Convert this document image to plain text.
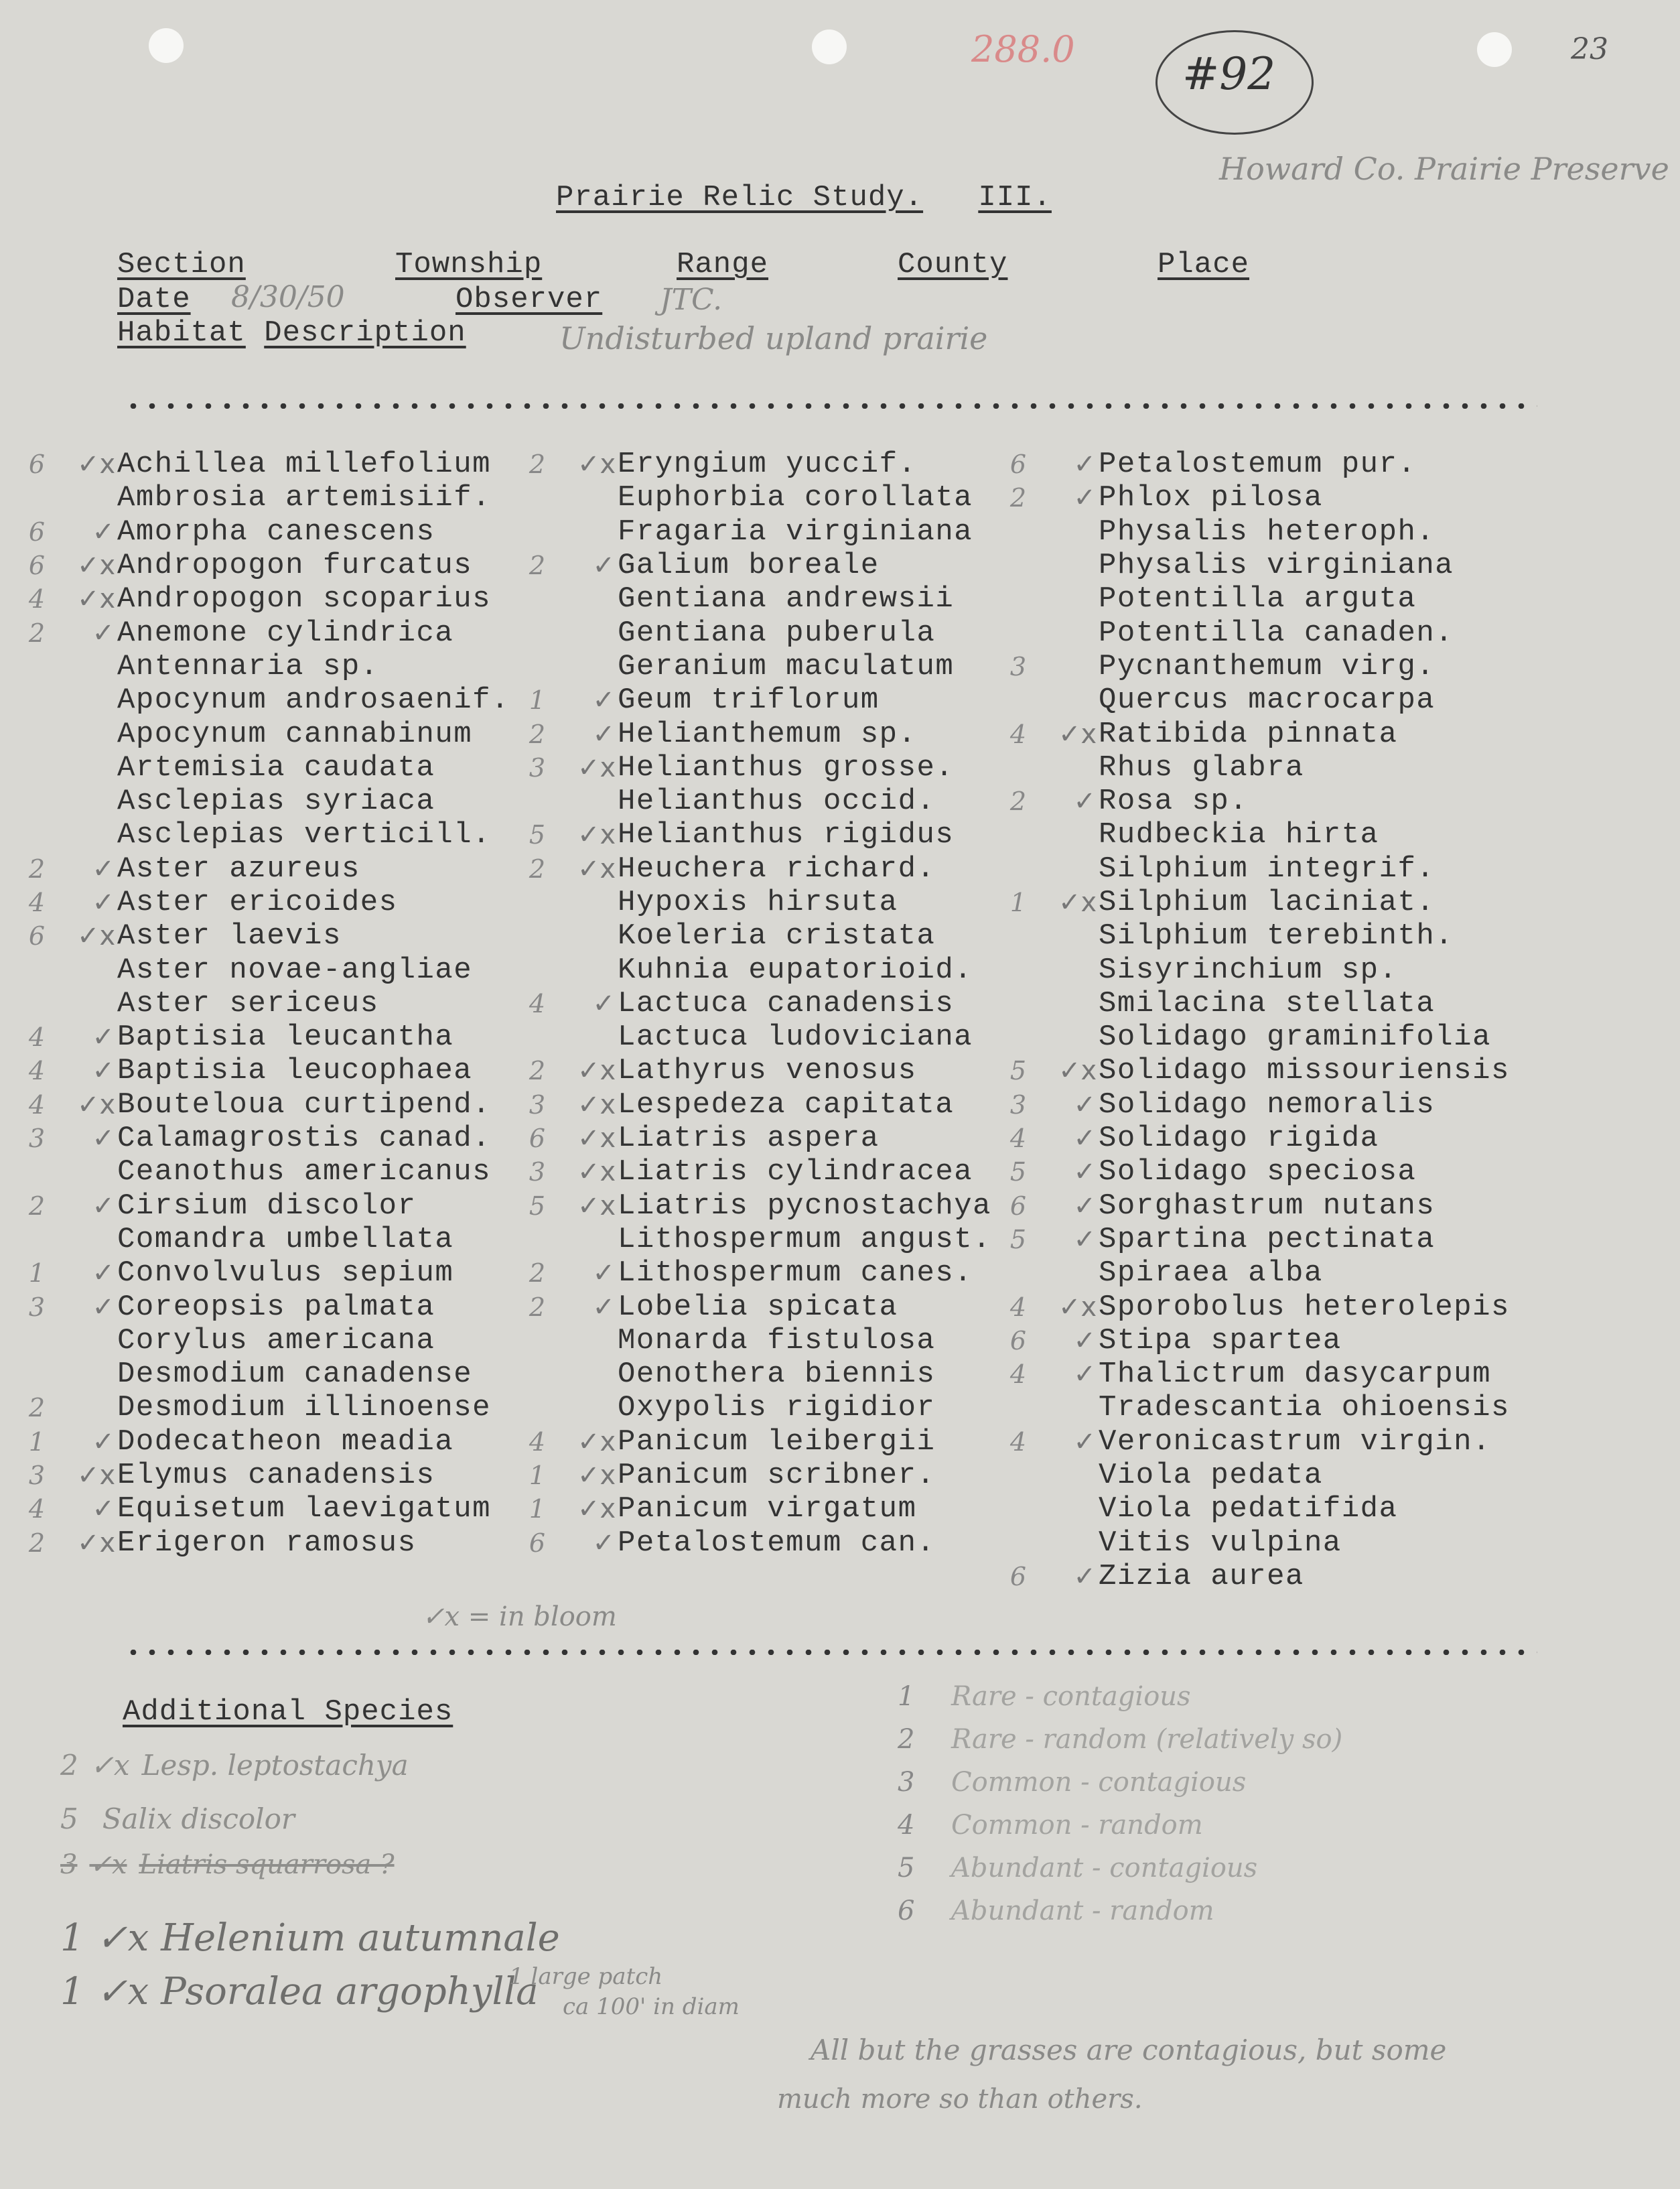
288.0 #92	23
Howard Co. Prairie Preserve
Prairie Relic Study. III.
Section	Township	Range	County	Place
Date 8/30/50	Observer JTC.
Habitat Description	Undisturbed upland prairie
6	✓x Achillea millefolium
Ambrosia artemisiif.
6	✓ Amorpha canescens
6	✓x Andropogon furcatus
4	✓x Andropogon scoparius
2	✓ Anemone cylindrica
Antennaria sp.
Apocynum androsaenif.
Apocynum cannabinum
Artemisia caudata
Asclepias syriaca
Asclepias verticill.
2	✓ Aster azureus
4	✓ Aster ericoides
6	✓x Aster laevis
Aster novae-angliae
Aster sericeus
4	✓ Baptisia leucantha
4	✓ Baptisia leucophaea
4	✓x Bouteloua curtipend.
3	✓ Calamagrostis canad.
Ceanothus americanus
2	✓ Cirsium discolor
Comandra umbellata
1	✓ Convolvulus sepium
3	✓ Coreopsis palmata
Corylus americana
Desmodium canadense
2	Desmodium illinoense
1	✓ Dodecatheon meadia
3	✓x Elymus canadensis
4	✓ Equisetum laevigatum
2	✓x Erigeron ramosus
2	✓x Eryngium yuccif.
Euphorbia corollata
Fragaria virginiana
2	✓ Galium boreale
Gentiana andrewsii
Gentiana puberula
Geranium maculatum
1	✓ Geum triflorum
2	✓ Helianthemum sp.
3	✓x Helianthus grosse.
Helianthus occid.
5	✓x Helianthus rigidus
2	✓x Heuchera richard.
Hypoxis hirsuta
Koeleria cristata
Kuhnia eupatorioid.
4	✓ Lactuca canadensis
Lactuca ludoviciana
2	✓x Lathyrus venosus
3	✓x Lespedeza capitata
6	✓x Liatris aspera
3	✓x Liatris cylindracea
5	✓x Liatris pycnostachya
Lithospermum angust.
2	✓ Lithospermum canes.
2	✓ Lobelia spicata
Monarda fistulosa
Oenothera biennis
Oxypolis rigidior
4	✓x Panicum leibergii
1	✓x Panicum scribner.
1	✓x Panicum virgatum
6	✓ Petalostemum can.
6	✓ Petalostemum pur.
2	✓ Phlox pilosa
Physalis heteroph.
Physalis virginiana
Potentilla arguta
Potentilla canaden.
3	Pycnanthemum virg.
Quercus macrocarpa
4	✓x Ratibida pinnata
Rhus glabra
2	✓ Rosa sp.
Rudbeckia hirta
Silphium integrif.
1	✓x Silphium laciniat.
Silphium terebinth.
Sisyrinchium sp.
Smilacina stellata
Solidago graminifolia
5	✓x Solidago missouriensis
3	✓ Solidago nemoralis
4	✓ Solidago rigida
5	✓ Solidago speciosa
6	✓ Sorghastrum nutans
5	✓ Spartina pectinata
Spiraea alba
4	✓x Sporobolus heterolepis
6	✓ Stipa spartea
4	✓ Thalictrum dasycarpum
Tradescantia ohioensis
4	✓ Veronicastrum virgin.
Viola pedata
Viola pedatifida
Vitis vulpina
6	✓ Zizia aurea
✓x = in bloom
Additional Species
2 ✓x Lesp. leptostachya
5 Salix discolor
3 ✓x Liatris squarrosa ?
1 ✓x Helenium autumnale
1 ✓x Psoralea argophylla
1 large patch
ca 100' in diam
1	Rare - contagious
2	Rare - random (relatively so)
3	Common - contagious
4	Common - random
5	Abundant - contagious
6	Abundant - random
All but the grasses are contagious, but some
much more so than others.
